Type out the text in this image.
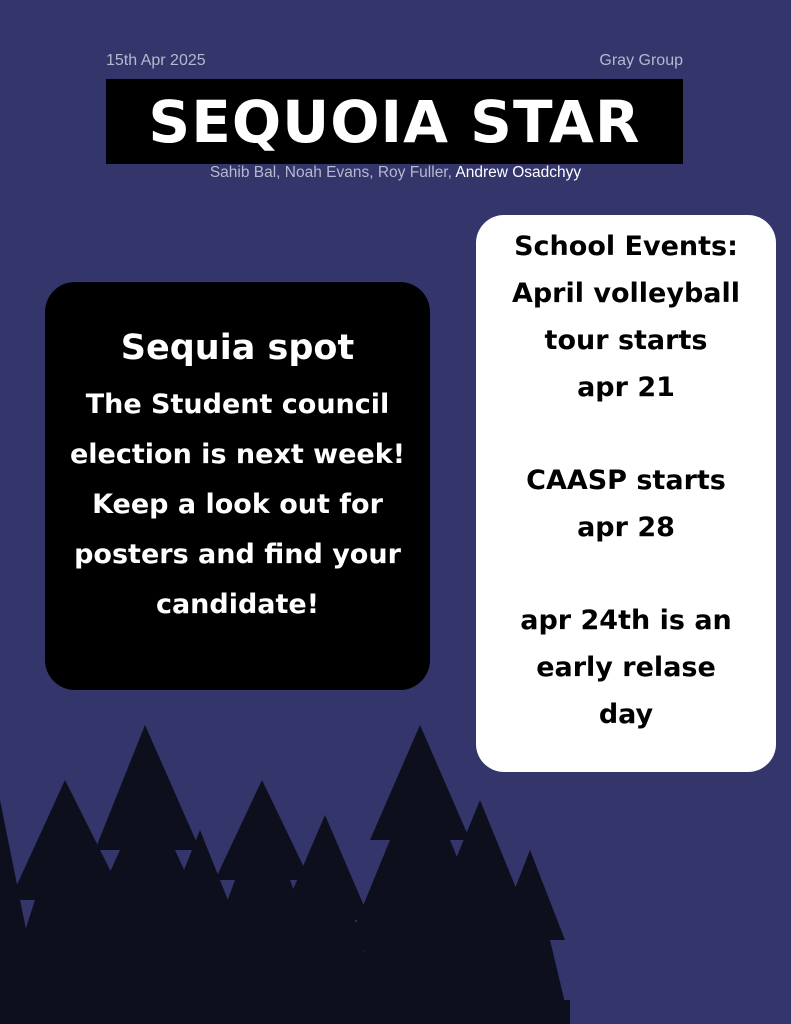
15th Apr 2025	Gray Group
SEQUOIA STAR
Sahib Bal, Noah Evans, Roy Fuller, Andrew Osadchyy
Sequia spot
The Student council
election is next week!
Keep a look out for
posters and find your
candidate!
School Events:
April volleyball
tour starts
apr 21
CAASP starts
apr 28
apr 24th is an
early relase
day
